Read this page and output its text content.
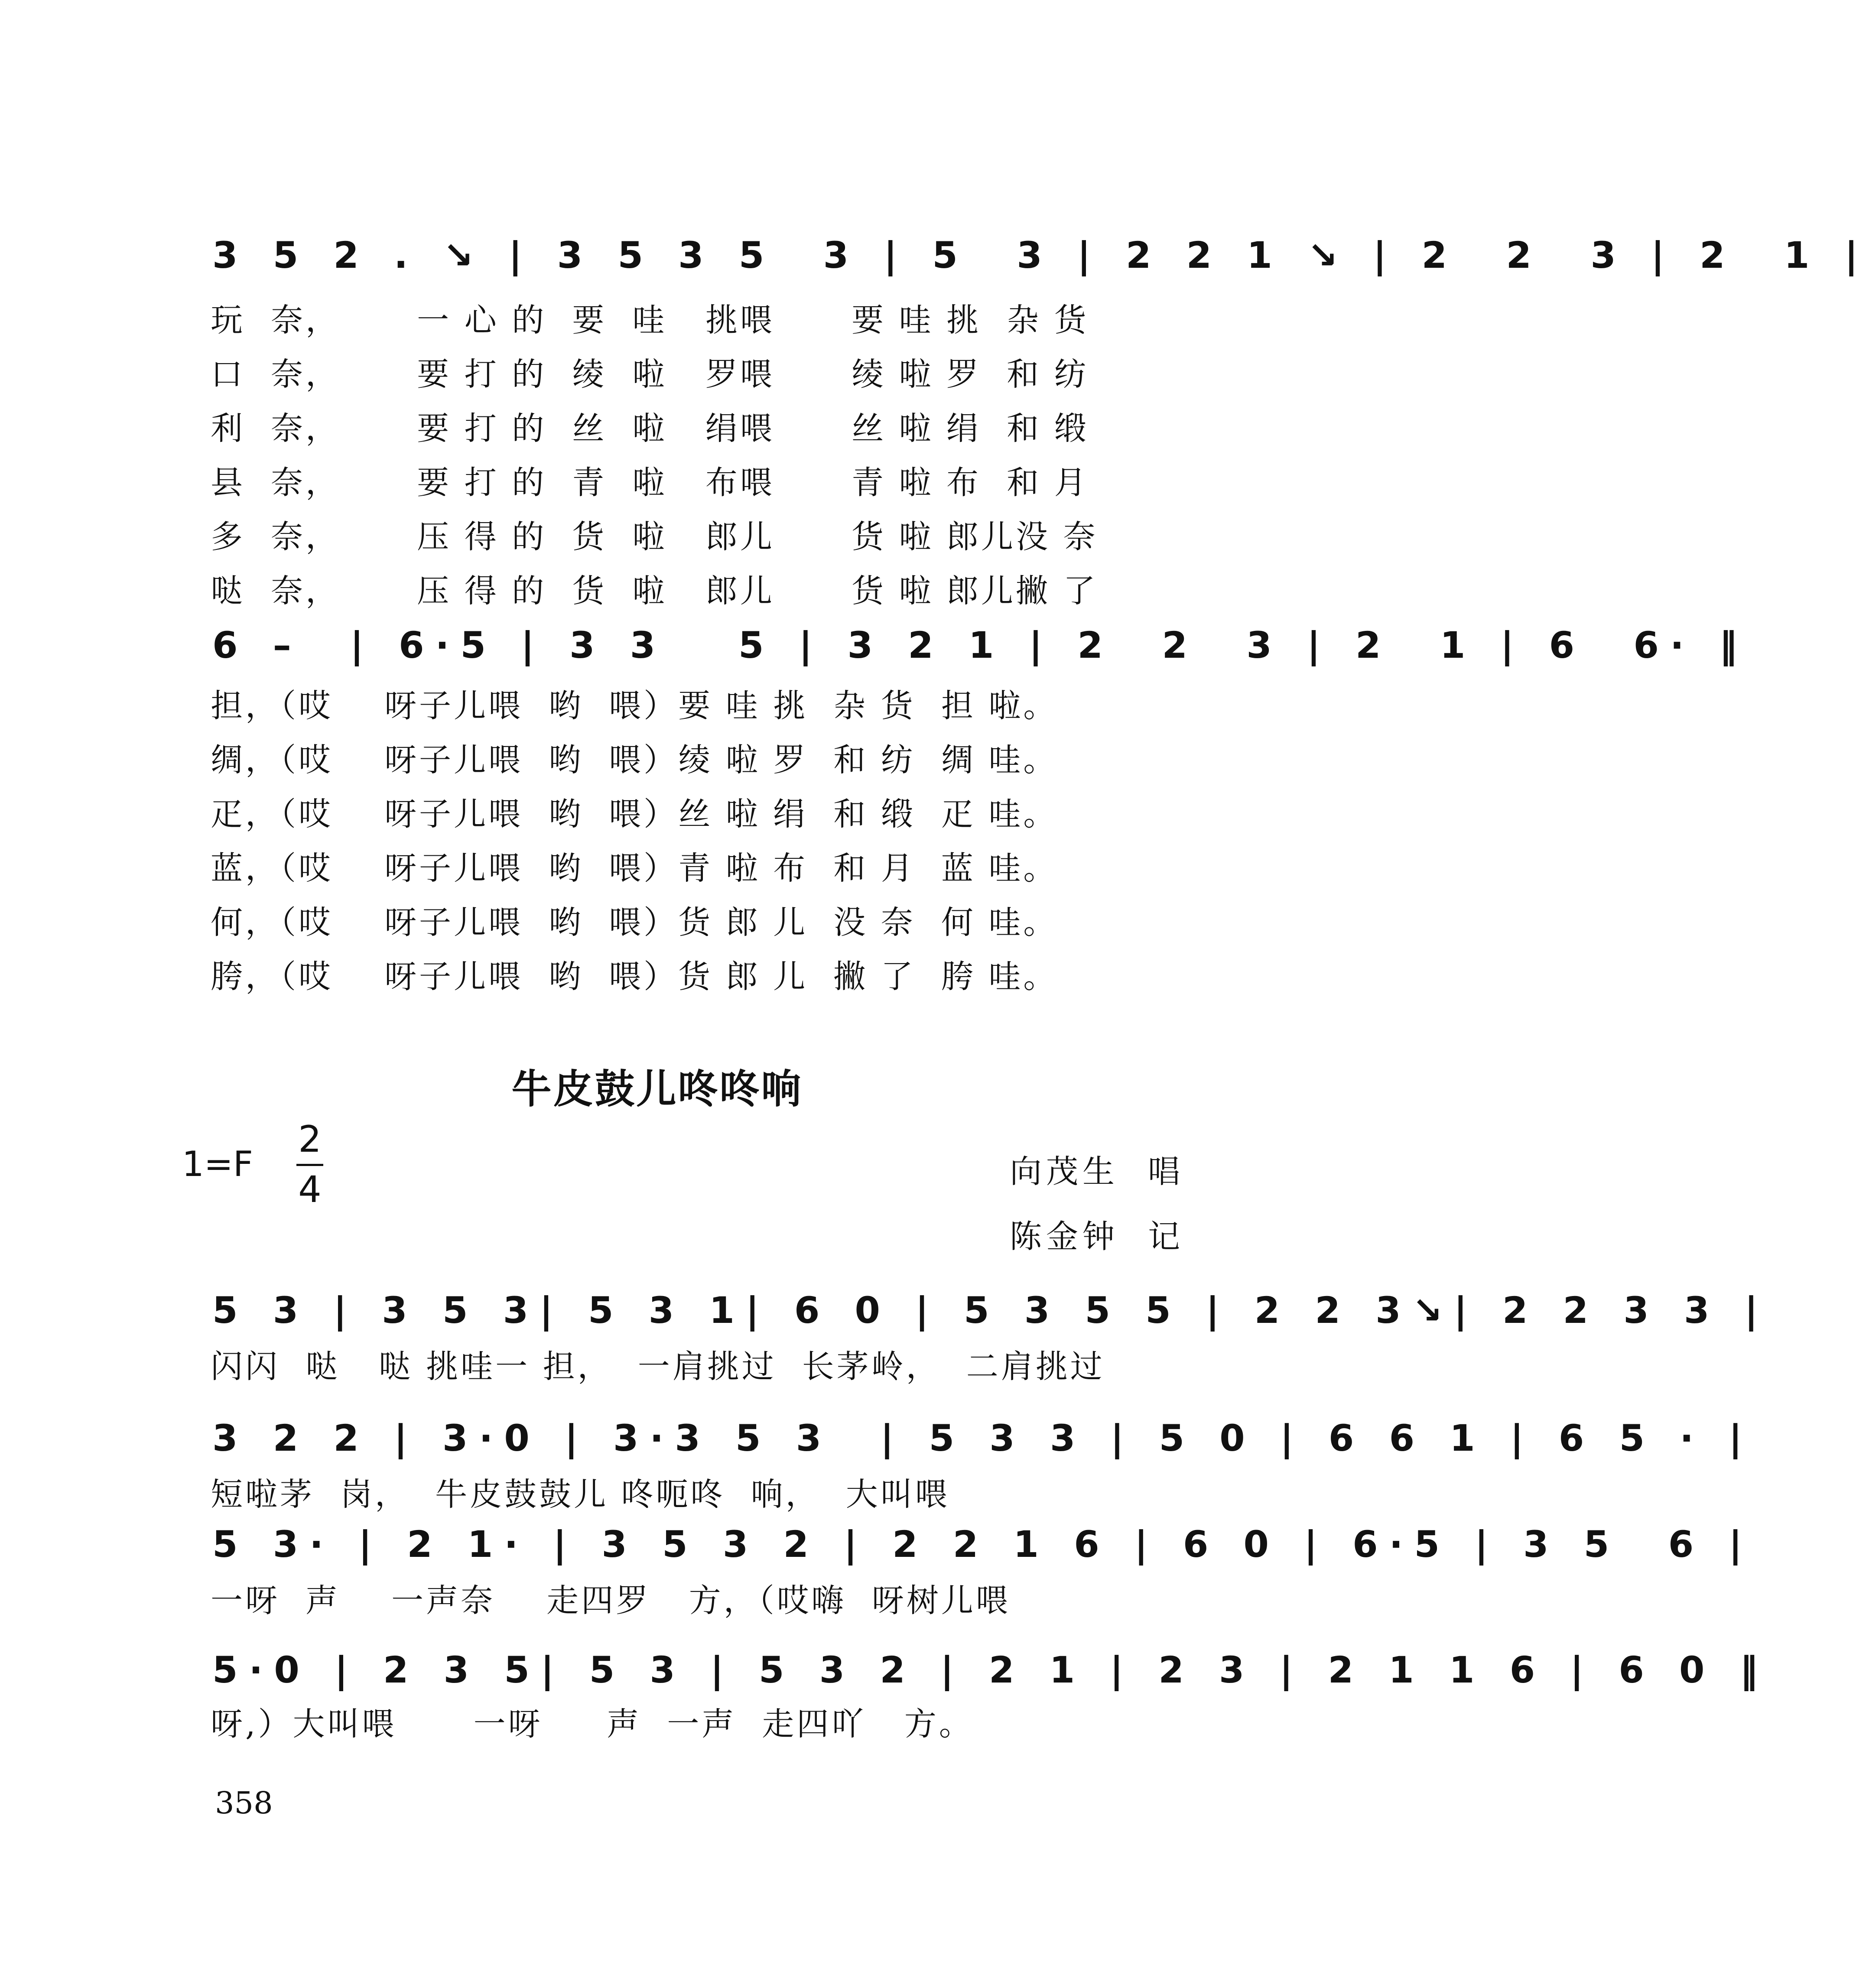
3 5 2 . ↘ | 3 5 3 5  3 | 5  3 | 2 2 1 ↘ | 2  2  3 | 2  1 |
玩  奈，      一 心 的  要  哇   挑喂      要 哇 挑  杂 货
口  奈，      要 打 的  绫  啦   罗喂      绫 啦 罗  和 纺
利  奈，      要 打 的  丝  啦   绢喂      丝 啦 绢  和 缎
县  奈，      要 打 的  青  啦   布喂      青 啦 布  和 月
多  奈，      压 得 的  货  啦   郎儿      货 啦 郎儿没 奈
哒  奈，      压 得 的  货  啦   郎儿      货 啦 郎儿撇 了
6 –  | 6·5 | 3 3   5 | 3 2 1 | 2  2  3 | 2  1 | 6  6· ‖
担，（哎    呀子儿喂  哟  喂）要 哇 挑  杂 货  担 啦。
绸，（哎    呀子儿喂  哟  喂）绫 啦 罗  和 纺  绸 哇。
疋，（哎    呀子儿喂  哟  喂）丝 啦 绢  和 缎  疋 哇。
蓝，（哎    呀子儿喂  哟  喂）青 啦 布  和 月  蓝 哇。
何，（哎    呀子儿喂  哟  喂）货 郎 儿  没 奈  何 哇。
胯，（哎    呀子儿喂  哟  喂）货 郎 儿  撇 了  胯 哇。
牛皮鼓儿咚咚响
1=F
2
4	向茂生  唱
陈金钟  记
5 3 | 3 5 3| 5 3 1| 6 0 | 5 3 5 5 | 2 2 3↘| 2 2 3 3 |
闪闪  哒   哒 挑哇一 担，  一肩挑过  长茅岭，  二肩挑过
3 2 2 | 3·0 | 3·3 5 3  | 5 3 3 | 5 0 | 6 6 1 | 6 5 · |
短啦茅  岗，  牛皮鼓鼓儿 咚呃咚  响，  大叫喂
5 3· | 2 1· | 3 5 3 2 | 2 2 1 6 | 6 0 | 6·5 | 3 5  6 |
一呀  声    一声奈    走四罗   方，（哎嗨  呀树儿喂
5·0 | 2 3 5| 5 3 | 5 3 2 | 2 1 | 2 3 | 2 1 1 6 | 6 0 ‖
呀,）大叫喂      一呀     声  一声  走四吖   方。
358
